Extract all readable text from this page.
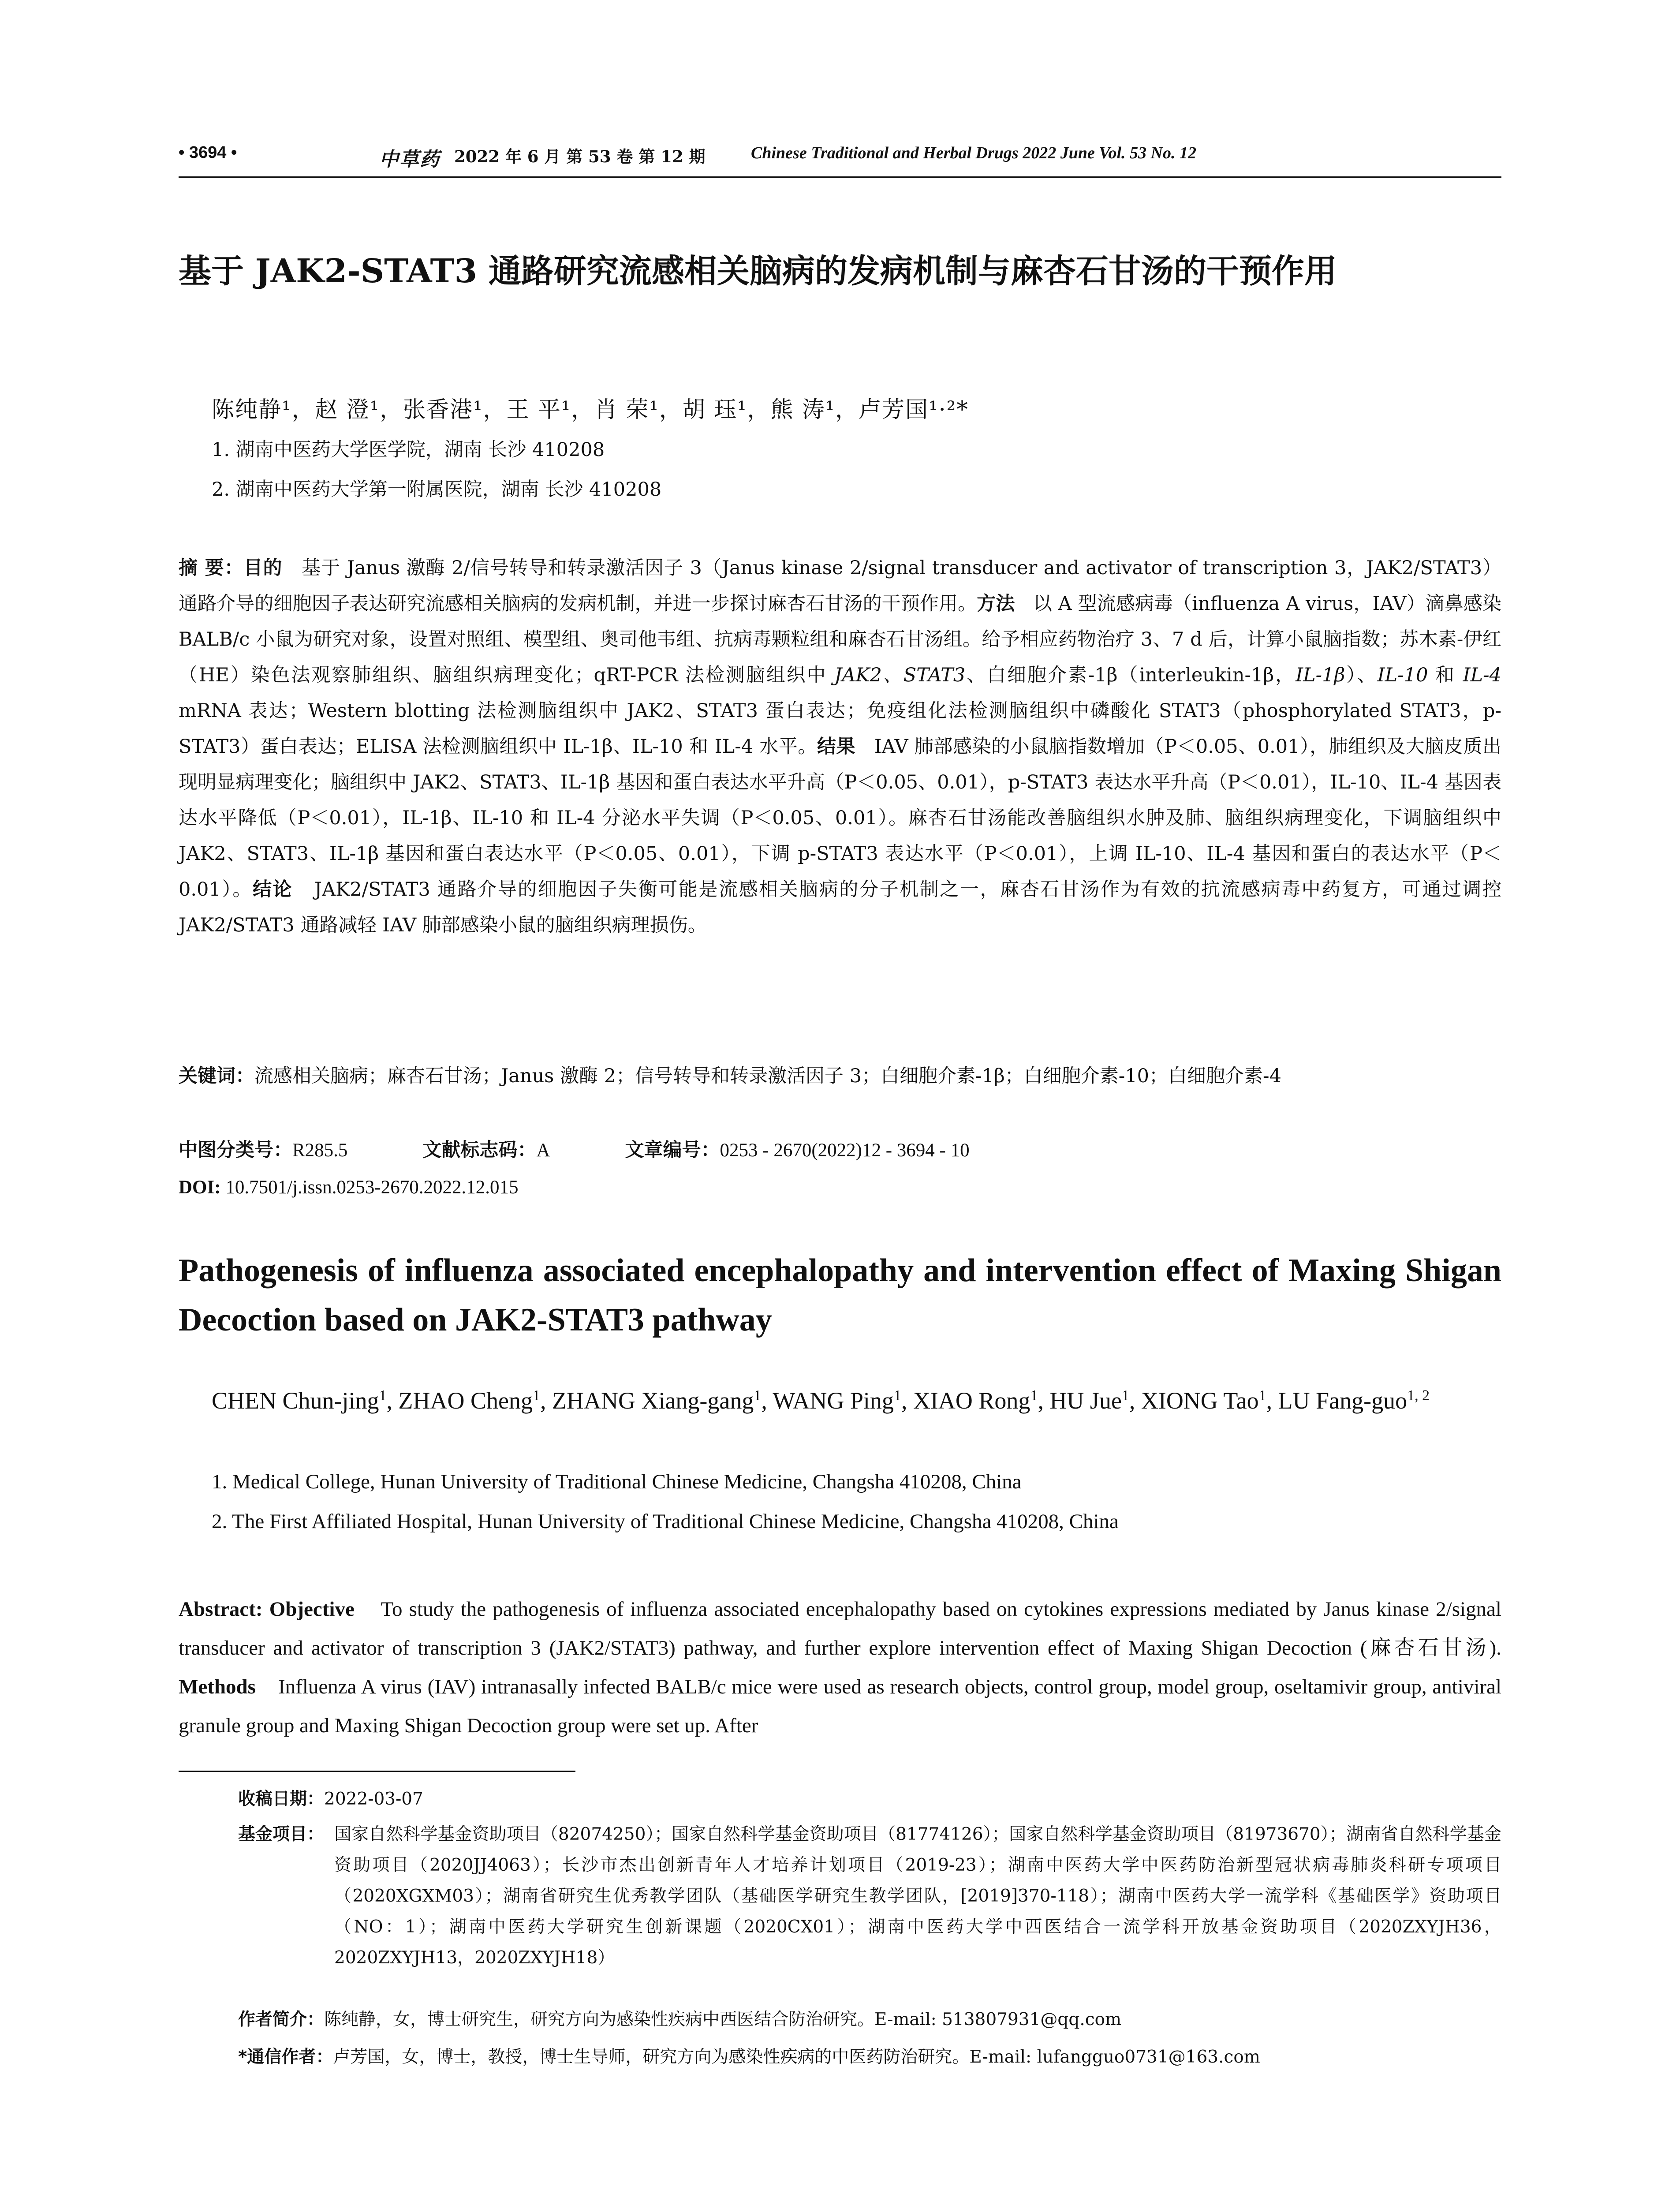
• 3694 •	中草药 2022 年 6 月 第 53 卷 第 12 期	Chinese Traditional and Herbal Drugs 2022 June Vol. 53 No. 12
基于 JAK2-STAT3 通路研究流感相关脑病的发病机制与麻杏石甘汤的干预作用
陈纯静¹，赵 澄¹，张香港¹，王 平¹，肖 荣¹，胡 珏¹，熊 涛¹，卢芳国¹·²*
1. 湖南中医药大学医学院，湖南 长沙 410208
2. 湖南中医药大学第一附属医院，湖南 长沙 410208
摘 要：目的 基于 Janus 激酶 2/信号转导和转录激活因子 3（Janus kinase 2/signal transducer and activator of transcription 3，JAK2/STAT3）通路介导的细胞因子表达研究流感相关脑病的发病机制，并进一步探讨麻杏石甘汤的干预作用。方法 以 A 型流感病毒（influenza A virus，IAV）滴鼻感染 BALB/c 小鼠为研究对象，设置对照组、模型组、奥司他韦组、抗病毒颗粒组和麻杏石甘汤组。给予相应药物治疗 3、7 d 后，计算小鼠脑指数；苏木素-伊红（HE）染色法观察肺组织、脑组织病理变化；qRT-PCR 法检测脑组织中 JAK2、STAT3、白细胞介素-1β（interleukin-1β，IL-1β）、IL-10 和 IL-4 mRNA 表达；Western blotting 法检测脑组织中 JAK2、STAT3 蛋白表达；免疫组化法检测脑组织中磷酸化 STAT3（phosphorylated STAT3，p-STAT3）蛋白表达；ELISA 法检测脑组织中 IL-1β、IL-10 和 IL-4 水平。结果 IAV 肺部感染的小鼠脑指数增加（P＜0.05、0.01），肺组织及大脑皮质出现明显病理变化；脑组织中 JAK2、STAT3、IL-1β 基因和蛋白表达水平升高（P＜0.05、0.01），p-STAT3 表达水平升高（P＜0.01），IL-10、IL-4 基因表达水平降低（P＜0.01），IL-1β、IL-10 和 IL-4 分泌水平失调（P＜0.05、0.01）。麻杏石甘汤能改善脑组织水肿及肺、脑组织病理变化，下调脑组织中 JAK2、STAT3、IL-1β 基因和蛋白表达水平（P＜0.05、0.01），下调 p-STAT3 表达水平（P＜0.01），上调 IL-10、IL-4 基因和蛋白的表达水平（P＜0.01）。结论 JAK2/STAT3 通路介导的细胞因子失衡可能是流感相关脑病的分子机制之一，麻杏石甘汤作为有效的抗流感病毒中药复方，可通过调控 JAK2/STAT3 通路减轻 IAV 肺部感染小鼠的脑组织病理损伤。
关键词：流感相关脑病；麻杏石甘汤；Janus 激酶 2；信号转导和转录激活因子 3；白细胞介素-1β；白细胞介素-10；白细胞介素-4
中图分类号：R285.5	文献标志码：A	文章编号：0253 - 2670(2022)12 - 3694 - 10
DOI: 10.7501/j.issn.0253-2670.2022.12.015
Pathogenesis of influenza associated encephalopathy and intervention effect of Maxing Shigan Decoction based on JAK2-STAT3 pathway
CHEN Chun-jing$^1$, ZHAO Cheng$^1$, ZHANG Xiang-gang$^1$, WANG Ping$^1$, XIAO Rong$^1$, HU Jue$^1$, XIONG Tao$^1$, LU Fang-guo$^{1, 2}$
1. Medical College, Hunan University of Traditional Chinese Medicine, Changsha 410208, China
2. The First Affiliated Hospital, Hunan University of Traditional Chinese Medicine, Changsha 410208, China
Abstract: Objective To study the pathogenesis of influenza associated encephalopathy based on cytokines expressions mediated by Janus kinase 2/signal transducer and activator of transcription 3 (JAK2/STAT3) pathway, and further explore intervention effect of Maxing Shigan Decoction (麻杏石甘汤). Methods Influenza A virus (IAV) intranasally infected BALB/c mice were used as research objects, control group, model group, oseltamivir group, antiviral granule group and Maxing Shigan Decoction group were set up. After
收稿日期：2022-03-07
基金项目： 国家自然科学基金资助项目（82074250）；国家自然科学基金资助项目（81774126）；国家自然科学基金资助项目（81973670）；湖南省自然科学基金资助项目（2020JJ4063）；长沙市杰出创新青年人才培养计划项目（2019-23）；湖南中医药大学中医药防治新型冠状病毒肺炎科研专项项目（2020XGXM03）；湖南省研究生优秀教学团队（基础医学研究生教学团队，[2019]370-118）；湖南中医药大学一流学科《基础医学》资助项目（NO：1）；湖南中医药大学研究生创新课题（2020CX01）；湖南中医药大学中西医结合一流学科开放基金资助项目（2020ZXYJH36，2020ZXYJH13，2020ZXYJH18）
作者简介：陈纯静，女，博士研究生，研究方向为感染性疾病中西医结合防治研究。E-mail: 513807931@qq.com
*通信作者：卢芳国，女，博士，教授，博士生导师，研究方向为感染性疾病的中医药防治研究。E-mail: lufangguo0731@163.com
